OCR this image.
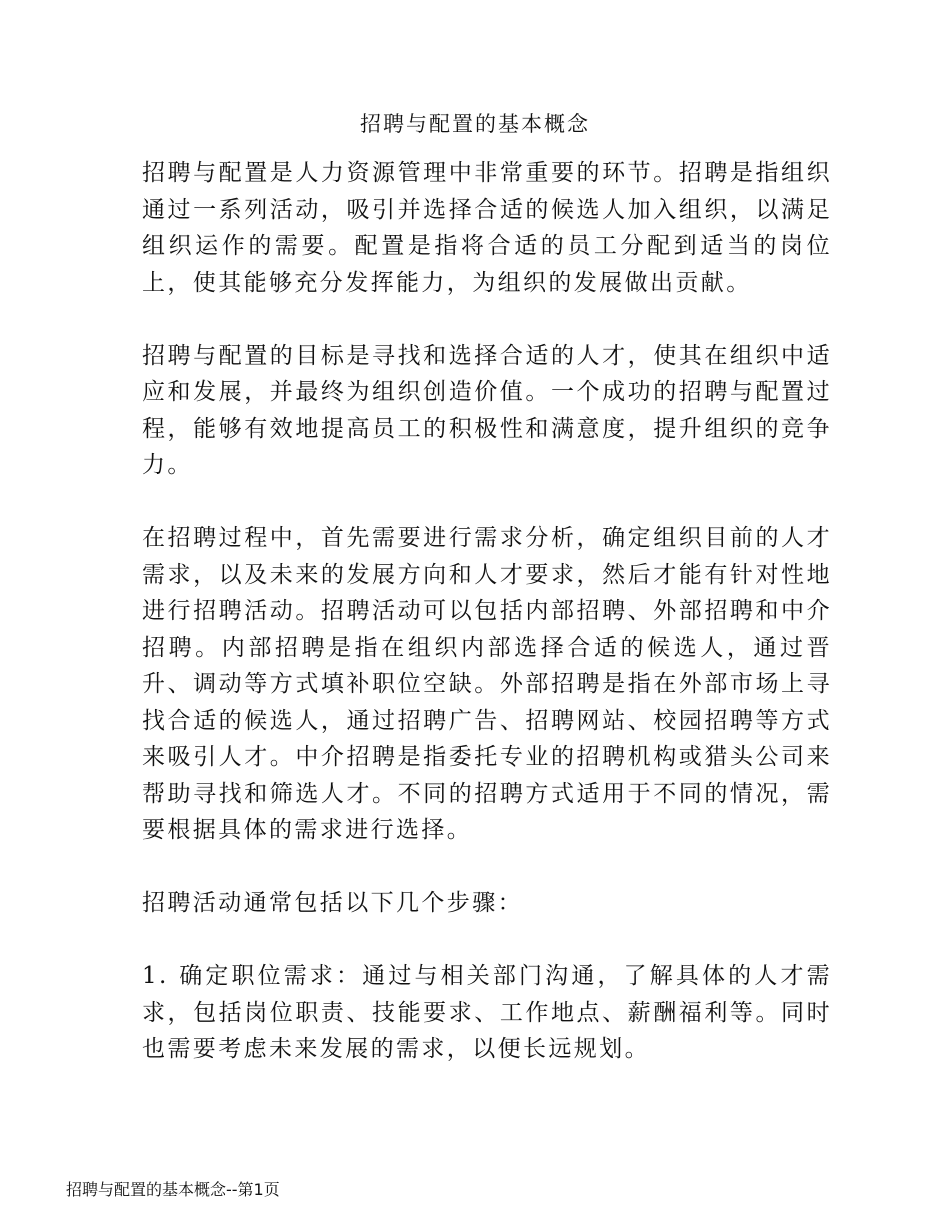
招聘与配置的基本概念

招聘与配置是人力资源管理中非常重要的环节。招聘是指组织通过一系列活动，吸引并选择合适的候选人加入组织，以满足组织运作的需要。配置是指将合适的员工分配到适当的岗位上，使其能够充分发挥能力，为组织的发展做出贡献。

招聘与配置的目标是寻找和选择合适的人才，使其在组织中适应和发展，并最终为组织创造价值。一个成功的招聘与配置过程，能够有效地提高员工的积极性和满意度，提升组织的竞争力。

在招聘过程中，首先需要进行需求分析，确定组织目前的人才需求，以及未来的发展方向和人才要求，然后才能有针对性地进行招聘活动。招聘活动可以包括内部招聘、外部招聘和中介招聘。内部招聘是指在组织内部选择合适的候选人，通过晋升、调动等方式填补职位空缺。外部招聘是指在外部市场上寻找合适的候选人，通过招聘广告、招聘网站、校园招聘等方式来吸引人才。中介招聘是指委托专业的招聘机构或猎头公司来帮助寻找和筛选人才。不同的招聘方式适用于不同的情况，需要根据具体的需求进行选择。

招聘活动通常包括以下几个步骤：

1. 确定职位需求：通过与相关部门沟通，了解具体的人才需求，包括岗位职责、技能要求、工作地点、薪酬福利等。同时也需要考虑未来发展的需求，以便长远规划。

招聘与配置的基本概念--第1页
